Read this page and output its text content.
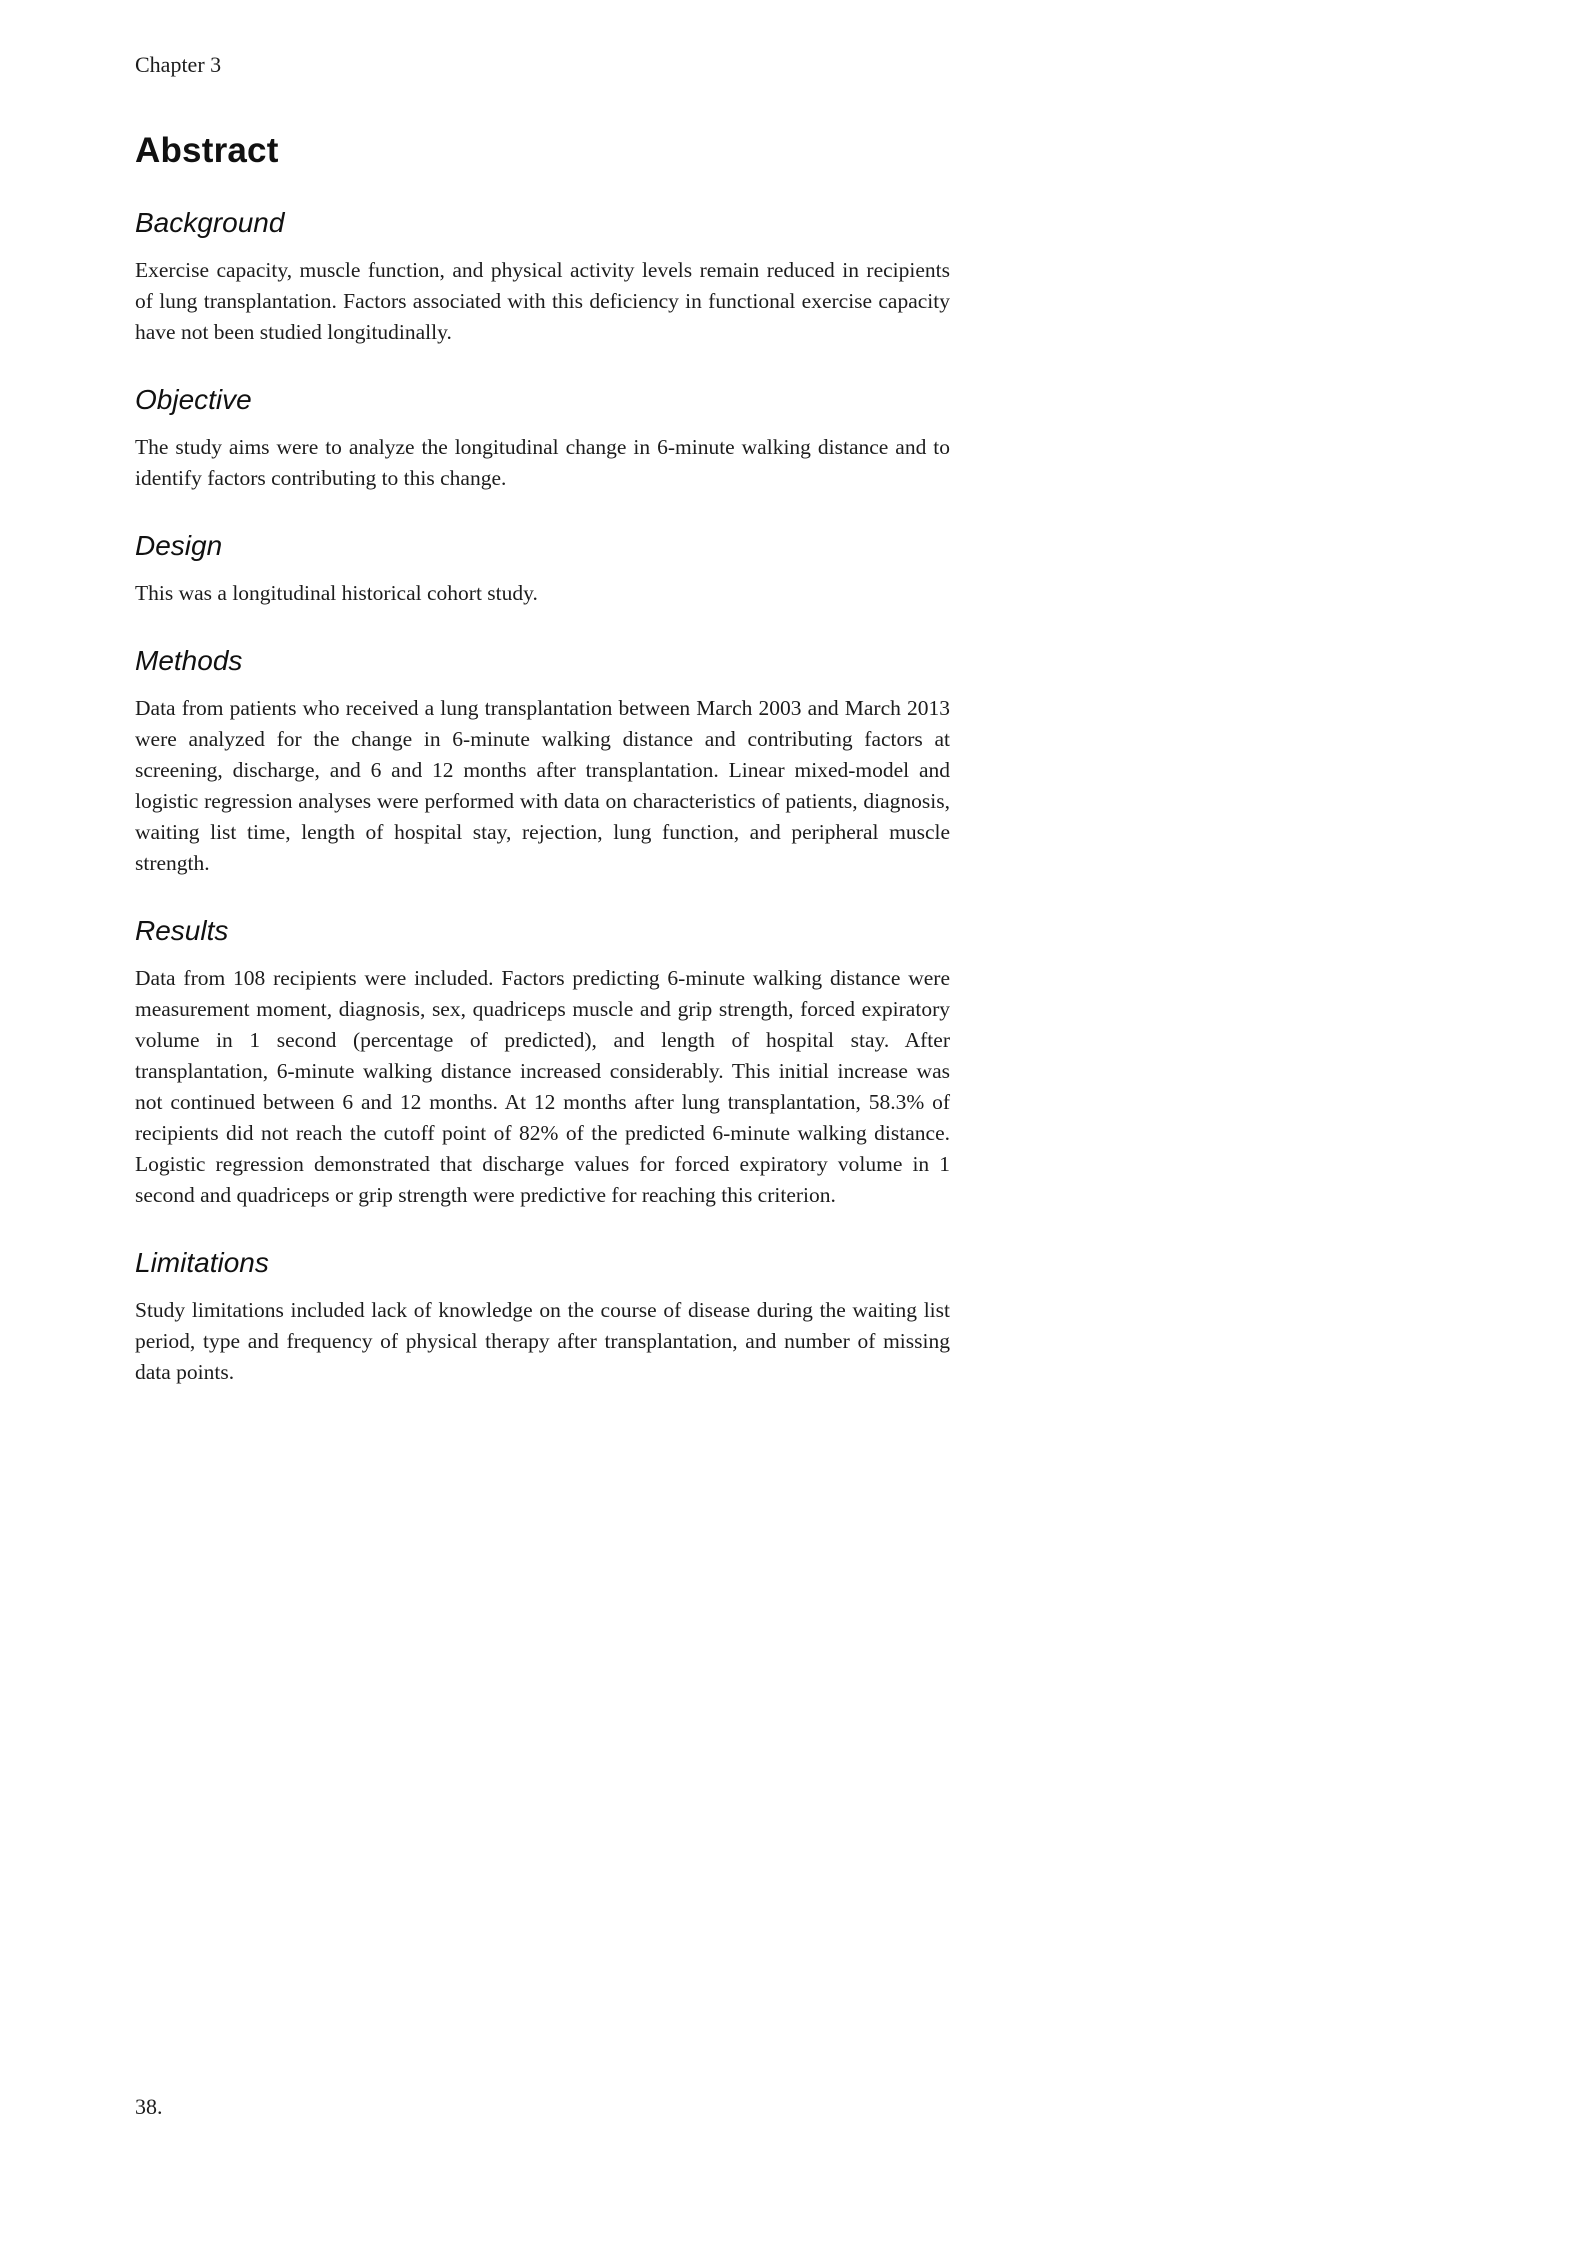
Chapter 3

Abstract
Background

Exercise capacity, muscle function, and physical activity levels remain reduced in recipients of lung transplantation. Factors associated with this deficiency in functional exercise capacity have not been studied longitudinally.

Objective

The study aims were to analyze the longitudinal change in 6-minute walking distance and to identify factors contributing to this change.

Design

This was a longitudinal historical cohort study.

Methods

Data from patients who received a lung transplantation between March 2003 and March 2013 were analyzed for the change in 6-minute walking distance and contributing factors at screening, discharge, and 6 and 12 months after transplantation. Linear mixed-model and logistic regression analyses were performed with data on characteristics of patients, diagnosis, waiting list time, length of hospital stay, rejection, lung function, and peripheral muscle strength.

Results

Data from 108 recipients were included. Factors predicting 6-minute walking distance were measurement moment, diagnosis, sex, quadriceps muscle and grip strength, forced expiratory volume in 1 second (percentage of predicted), and length of hospital stay. After transplantation, 6-minute walking distance increased considerably. This initial increase was not continued between 6 and 12 months. At 12 months after lung transplantation, 58.3% of recipients did not reach the cutoff point of 82% of the predicted 6-minute walking distance. Logistic regression demonstrated that discharge values for forced expiratory volume in 1 second and quadriceps or grip strength were predictive for reaching this criterion.

Limitations

Study limitations included lack of knowledge on the course of disease during the waiting list period, type and frequency of physical therapy after transplantation, and number of missing data points.

38.
